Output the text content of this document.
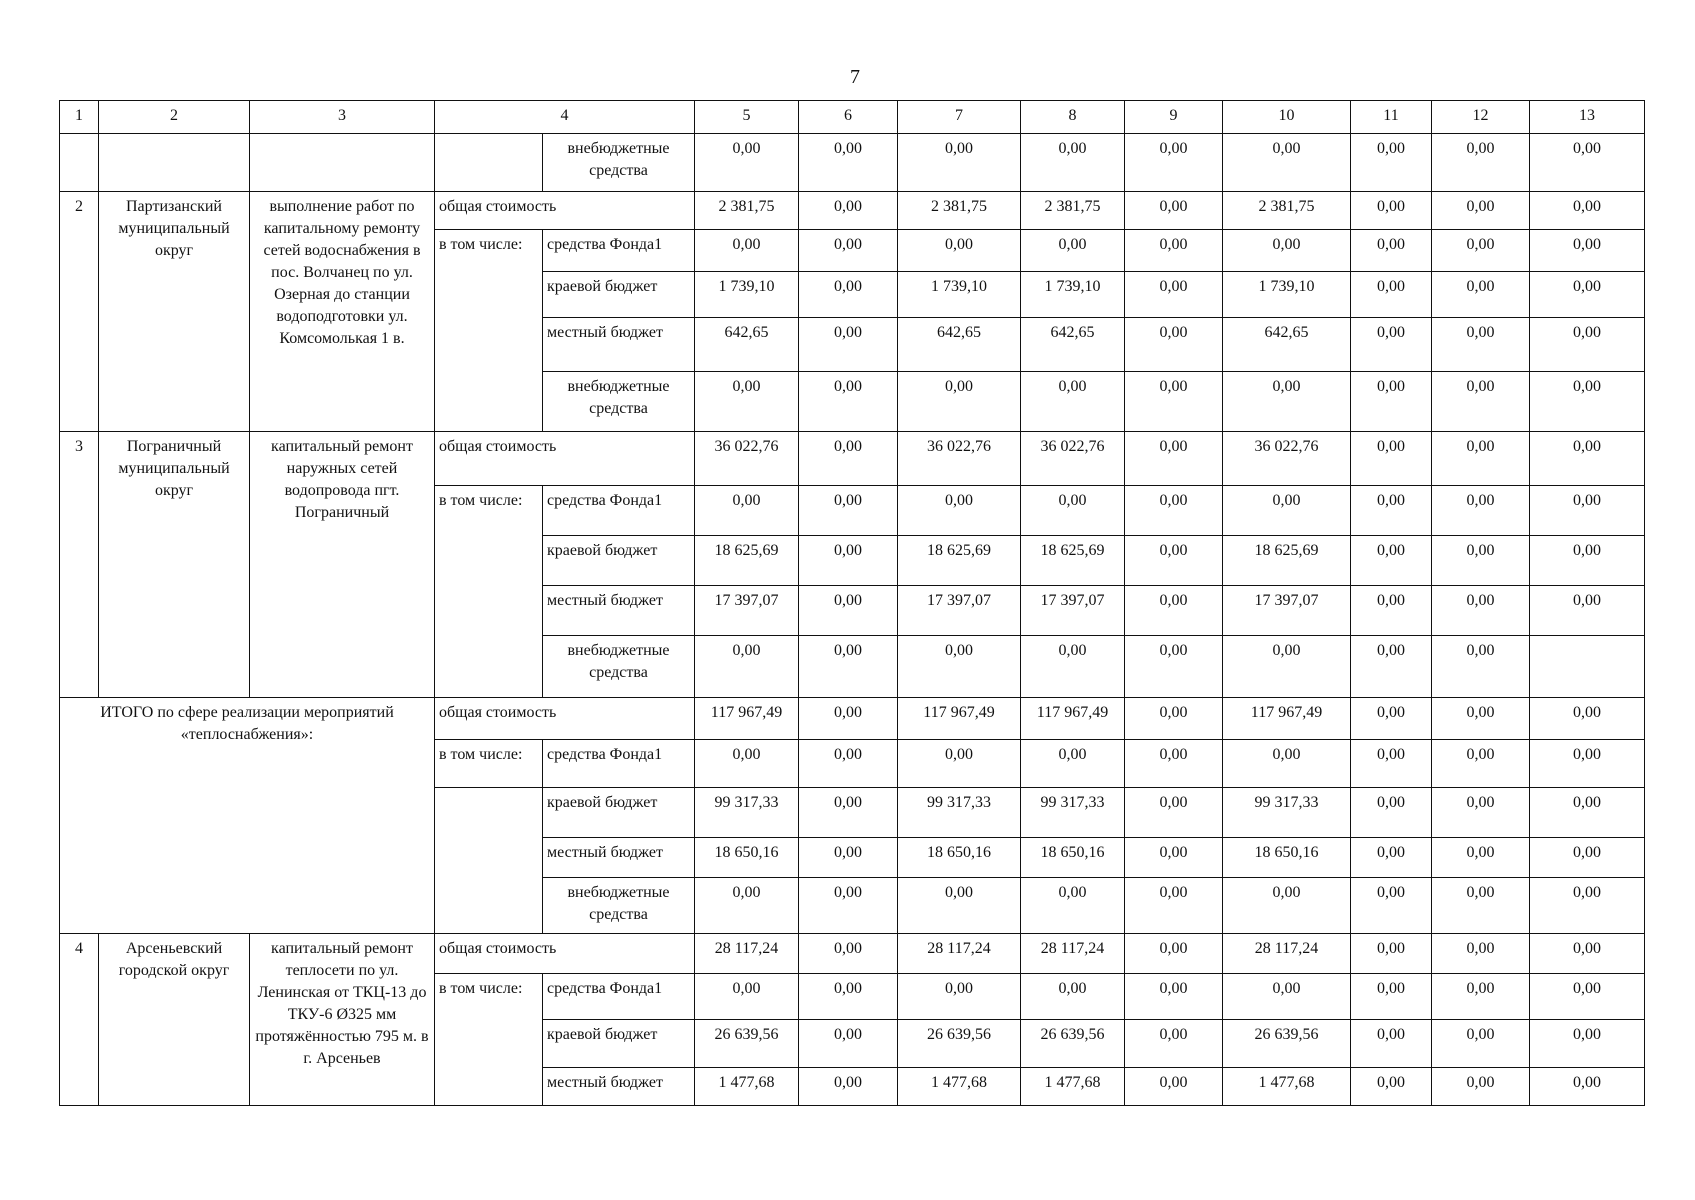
7
1	2	3	4		5	6	7	8	9	10	11	12	13
				внебюджетные средства	0,00	0,00	0,00	0,00	0,00	0,00	0,00	0,00	0,00
2	Партизанский муниципальный округ	выполнение работ по капитальному ремонту сетей водоснабжения в пос. Волчанец по ул. Озерная до станции водоподготовки ул. Комсомолькая 1 в.	общая стоимость		2 381,75	0,00	2 381,75	2 381,75	0,00	2 381,75	0,00	0,00	0,00
			в том числе:	средства Фонда1	0,00	0,00	0,00	0,00	0,00	0,00	0,00	0,00	0,00
				краевой бюджет	1 739,10	0,00	1 739,10	1 739,10	0,00	1 739,10	0,00	0,00	0,00
				местный бюджет	642,65	0,00	642,65	642,65	0,00	642,65	0,00	0,00	0,00
				внебюджетные средства	0,00	0,00	0,00	0,00	0,00	0,00	0,00	0,00	0,00
3	Пограничный муниципальный округ	капитальный ремонт наружных сетей водопровода пгт. Пограничный	общая стоимость		36 022,76	0,00	36 022,76	36 022,76	0,00	36 022,76	0,00	0,00	0,00
			в том числе:	средства Фонда1	0,00	0,00	0,00	0,00	0,00	0,00	0,00	0,00	0,00
				краевой бюджет	18 625,69	0,00	18 625,69	18 625,69	0,00	18 625,69	0,00	0,00	0,00
				местный бюджет	17 397,07	0,00	17 397,07	17 397,07	0,00	17 397,07	0,00	0,00	0,00
				внебюджетные средства	0,00	0,00	0,00	0,00	0,00	0,00	0,00	0,00	
ИТОГО по сфере реализации мероприятий «теплоснабжения»:			общая стоимость		117 967,49	0,00	117 967,49	117 967,49	0,00	117 967,49	0,00	0,00	0,00
			в том числе:	средства Фонда1	0,00	0,00	0,00	0,00	0,00	0,00	0,00	0,00	0,00
				краевой бюджет	99 317,33	0,00	99 317,33	99 317,33	0,00	99 317,33	0,00	0,00	0,00
				местный бюджет	18 650,16	0,00	18 650,16	18 650,16	0,00	18 650,16	0,00	0,00	0,00
				внебюджетные средства	0,00	0,00	0,00	0,00	0,00	0,00	0,00	0,00	0,00
4	Арсеньевский городской округ	капитальный ремонт теплосети по ул. Ленинская от ТКЦ-13 до ТКУ-6 Ø325 мм протяжённостью 795 м. в г. Арсеньев	общая стоимость		28 117,24	0,00	28 117,24	28 117,24	0,00	28 117,24	0,00	0,00	0,00
			в том числе:	средства Фонда1	0,00	0,00	0,00	0,00	0,00	0,00	0,00	0,00	0,00
				краевой бюджет	26 639,56	0,00	26 639,56	26 639,56	0,00	26 639,56	0,00	0,00	0,00
				местный бюджет	1 477,68	0,00	1 477,68	1 477,68	0,00	1 477,68	0,00	0,00	0,00
